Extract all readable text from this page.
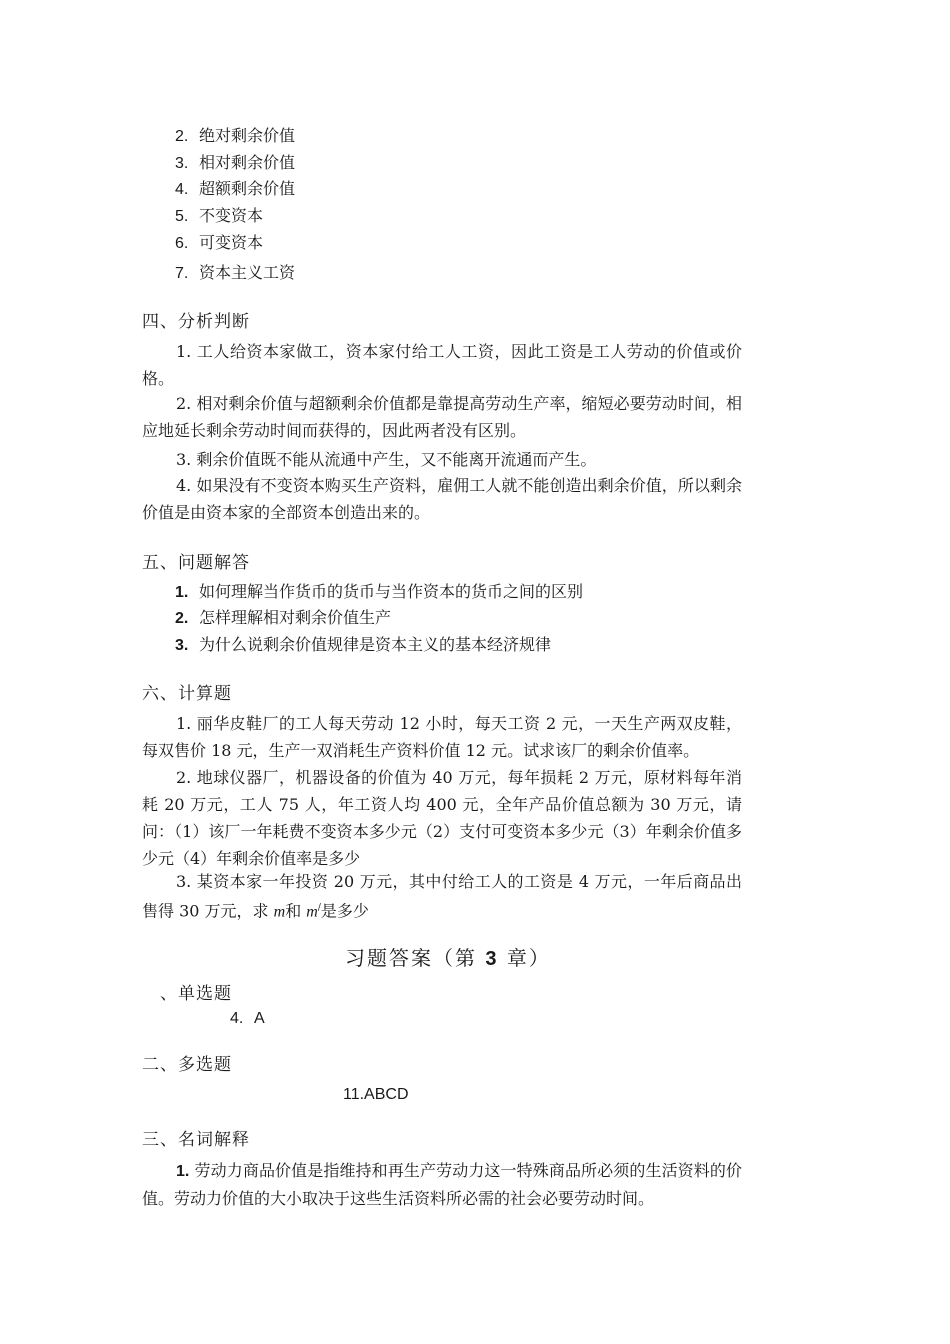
2. 绝对剩余价值
3. 相对剩余价值
4. 超额剩余价值
5. 不变资本
6. 可变资本
7. 资本主义工资
四、分析判断
1. 工人给资本家做工，资本家付给工人工资，因此工资是工人劳动的价值或价格。
2. 相对剩余价值与超额剩余价值都是靠提高劳动生产率，缩短必要劳动时间，相应地延长剩余劳动时间而获得的，因此两者没有区别。
3. 剩余价值既不能从流通中产生，又不能离开流通而产生。
4. 如果没有不变资本购买生产资料，雇佣工人就不能创造出剩余价值，所以剩余价值是由资本家的全部资本创造出来的。
五、问题解答
1. 如何理解当作货币的货币与当作资本的货币之间的区别
2. 怎样理解相对剩余价值生产
3. 为什么说剩余价值规律是资本主义的基本经济规律
六、计算题
1. 丽华皮鞋厂的工人每天劳动 12 小时，每天工资 2 元，一天生产两双皮鞋，每双售价 18 元，生产一双消耗生产资料价值 12 元。试求该厂的剩余价值率。
2. 地球仪器厂，机器设备的价值为 40 万元，每年损耗 2 万元，原材料每年消耗 20 万元，工人 75 人，年工资人均 400 元，全年产品价值总额为 30 万元，请问：（1）该厂一年耗费不变资本多少元（2）支付可变资本多少元（3）年剩余价值多少元（4）年剩余价值率是多少
3. 某资本家一年投资 20 万元，其中付给工人的工资是 4 万元，一年后商品出售得 30 万元，求 m和 m/是多少
习题答案（第 3 章）
、单选题
4. A
二、多选题
11.ABCD
三、名词解释
1. 劳动力商品价值是指维持和再生产劳动力这一特殊商品所必须的生活资料的价值。劳动力价值的大小取决于这些生活资料所必需的社会必要劳动时间。
